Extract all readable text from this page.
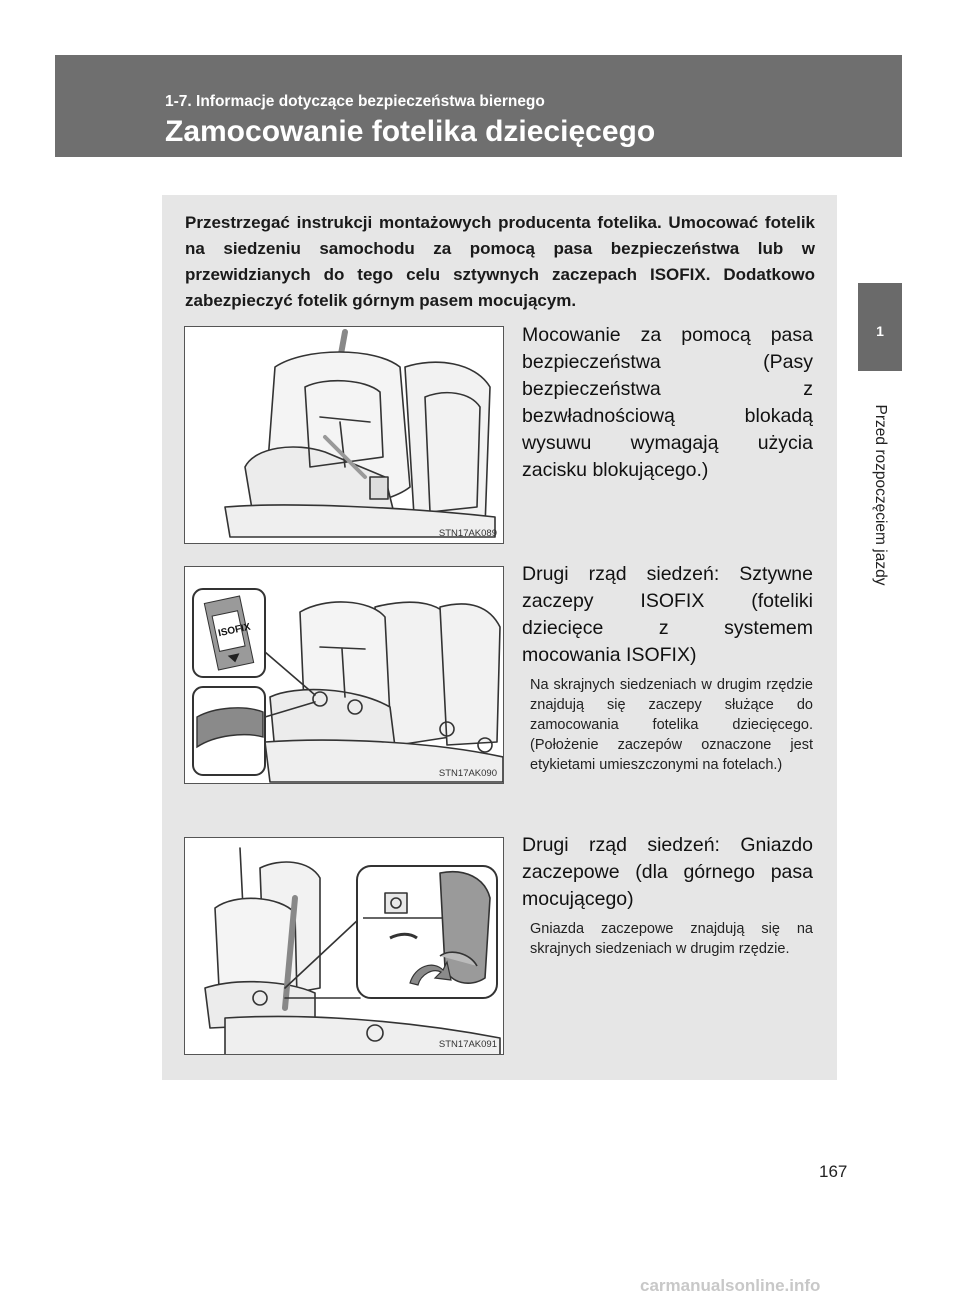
1-7. Informacje dotyczące bezpieczeństwa biernego
Zamocowanie fotelika dziecięcego
1
Przed rozpoczęciem jazdy
Przestrzegać instrukcji montażowych producenta fotelika. Umocować fotelik na siedzeniu samochodu za pomocą pasa bezpieczeństwa lub w przewidzianych do tego celu sztywnych zaczepach ISOFIX. Dodatkowo zabezpieczyć fotelik górnym pasem mocującym.
STN17AK089
Mocowanie za pomocą pasa bezpieczeństwa (Pasy bezpieczeństwa z bezwładnościową blokadą wysuwu wymagają użycia zacisku blokującego.)
ISOFIX
STN17AK090
Drugi rząd siedzeń: Sztywne zaczepy ISOFIX (foteliki dziecięce z systemem mocowania ISOFIX)
Na skrajnych siedzeniach w drugim rzędzie znajdują się zaczepy służące do zamocowania fotelika dziecięcego. (Położenie zaczepów oznaczone jest etykietami umieszczonymi na fotelach.)
STN17AK091
Drugi rząd siedzeń: Gniazdo zaczepowe (dla górnego pasa mocującego)
Gniazda zaczepowe znajdują się na skrajnych siedzeniach w drugim rzędzie.
167
carmanualsonline.info
